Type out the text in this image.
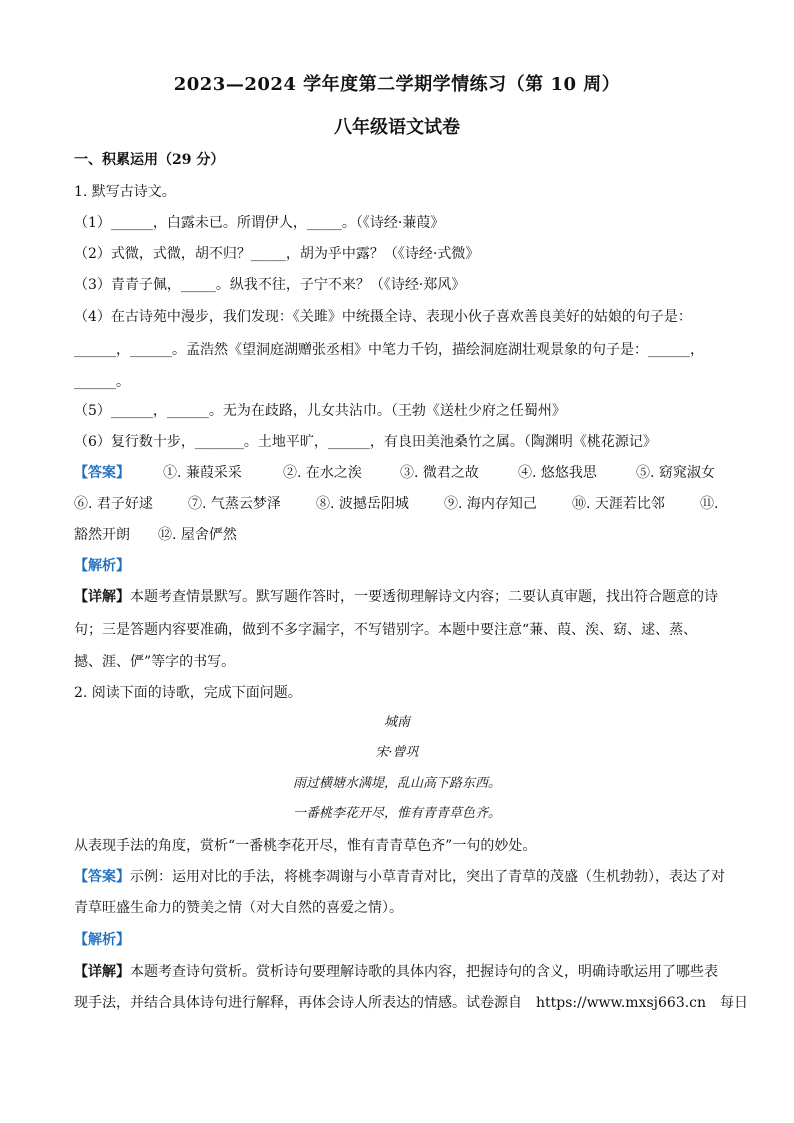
2023—2024 学年度第二学期学情练习（第 10 周）
八年级语文试卷
一、积累运用（29 分）
1. 默写古诗文。
（1）______，白露未已。所谓伊人，_____。（《诗经·蒹葭》
（2）式微，式微，胡不归？_____，胡为乎中露？（《诗经·式微》
（3）青青子佩，_____。纵我不往，子宁不来？（《诗经·郑风》
（4）在古诗苑中漫步，我们发现：《关雎》中统摄全诗、表现小伙子喜欢善良美好的姑娘的句子是：
______，______。孟浩然《望洞庭湖赠张丞相》中笔力千钧，描绘洞庭湖壮观景象的句子是：______，
______。
（5）______，______。无为在歧路，儿女共沾巾。（王勃《送杜少府之任蜀州》
（6）复行数十步，_______。土地平旷，______，有良田美池桑竹之属。（陶渊明《桃花源记》
【答案】 ①. 蒹葭采采	②. 在水之涘	③. 微君之故	④. 悠悠我思	⑤. 窈窕淑女
⑥. 君子好逑	⑦. 气蒸云梦泽	⑧. 波撼岳阳城	⑨. 海内存知己	⑩. 天涯若比邻	⑪.
豁然开朗 ⑫. 屋舍俨然
【解析】
【详解】本题考查情景默写。默写题作答时，一要透彻理解诗文内容；二要认真审题，找出符合题意的诗
句；三是答题内容要准确，做到不多字漏字，不写错别字。本题中要注意“蒹、葭、涘、窈、逑、蒸、
撼、涯、俨”等字的书写。
2. 阅读下面的诗歌，完成下面问题。
城南
宋·曾巩
雨过横塘水满堤，乱山高下路东西。
一番桃李花开尽，惟有青青草色齐。
从表现手法的角度，赏析“一番桃李花开尽，惟有青青草色齐”一句的妙处。
【答案】示例：运用对比的手法，将桃李凋谢与小草青青对比，突出了青草的茂盛（生机勃勃），表达了对
青草旺盛生命力的赞美之情（对大自然的喜爱之情）。
【解析】
【详解】本题考查诗句赏析。赏析诗句要理解诗歌的具体内容，把握诗句的含义，明确诗歌运用了哪些表
现手法，并结合具体诗句进行解释，再体会诗人所表达的情感。试卷源自　https://www.mxsj663.cn　每日
